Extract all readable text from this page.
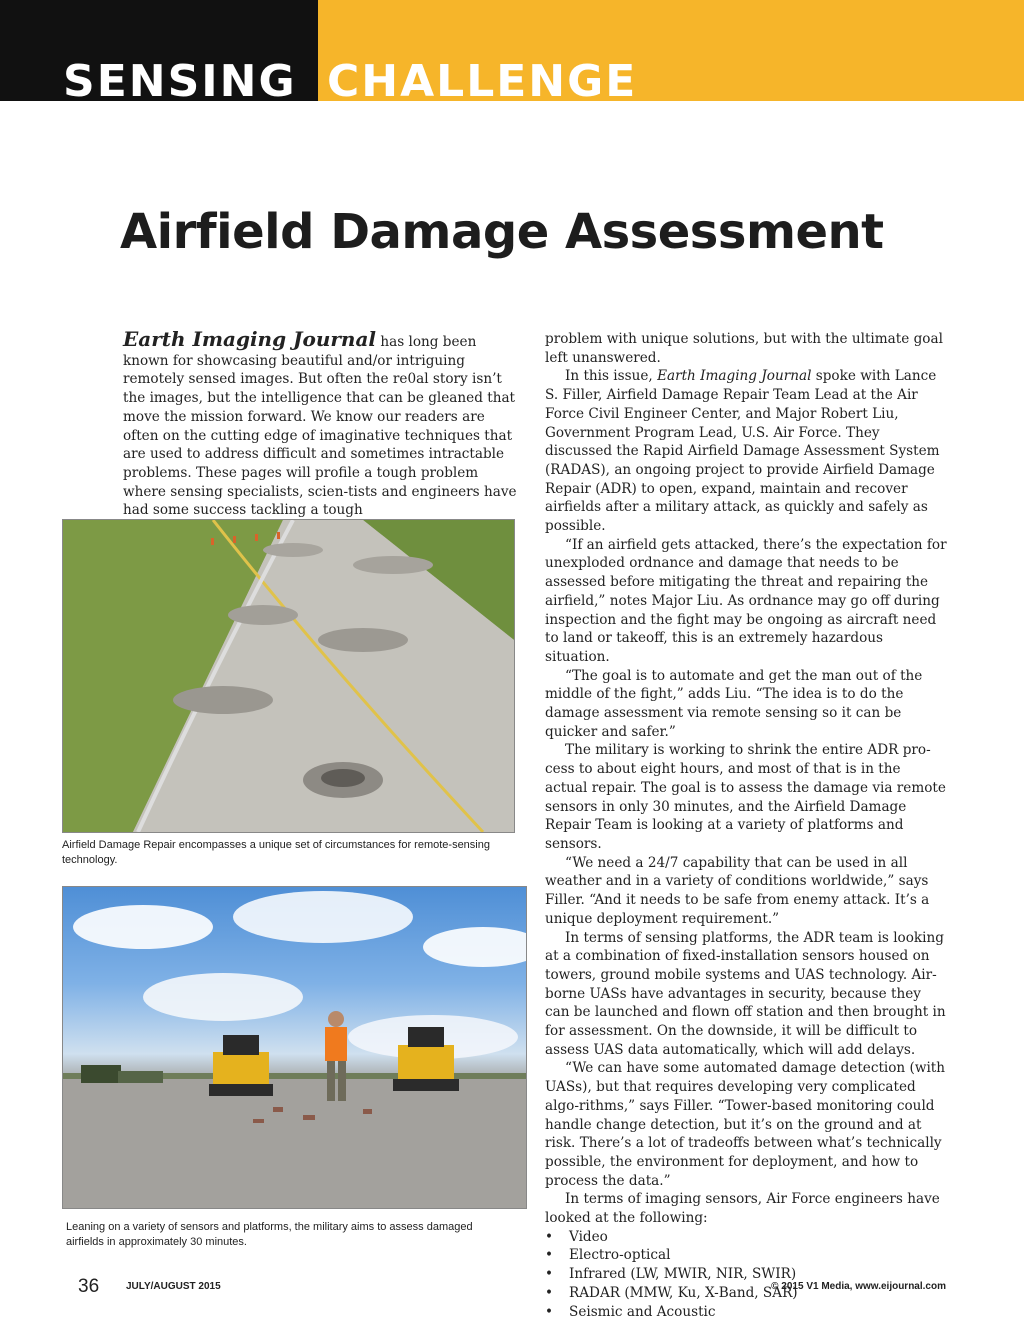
SENSING CHALLENGE
Airfield Damage Assessment

Earth Imaging Journal has long been known for showcasing beautiful and/or intriguing remotely sensed images. But often the re0al story isn’t the images, but the intelligence that can be gleaned that move the mission forward. We know our readers are often on the cutting edge of imaginative techniques that are used to address difficult and sometimes intractable problems. These pages will profile a tough problem where sensing specialists, scien-tists and engineers have had some success tackling a tough

Airfield Damage Repair encompasses a unique set of circumstances for remote-sensing technology.

Leaning on a variety of sensors and platforms, the military aims to assess damaged airfields in approximately 30 minutes.

problem with unique solutions, but with the ultimate goal left unanswered.

In this issue, Earth Imaging Journal spoke with Lance S. Filler, Airfield Damage Repair Team Lead at the Air Force Civil Engineer Center, and Major Robert Liu, Government Program Lead, U.S. Air Force. They discussed the Rapid Airfield Damage Assessment System (RADAS), an ongoing project to provide Airfield Damage Repair (ADR) to open, expand, maintain and recover airfields after a military attack, as quickly and safely as possible.

“If an airfield gets attacked, there’s the expectation for unexploded ordnance and damage that needs to be assessed before mitigating the threat and repairing the airfield,” notes Major Liu. As ordnance may go off during inspection and the fight may be ongoing as aircraft need to land or takeoff, this is an extremely hazardous situation.

“The goal is to automate and get the man out of the middle of the fight,” adds Liu. “The idea is to do the damage assessment via remote sensing so it can be quicker and safer.”

The military is working to shrink the entire ADR pro-cess to about eight hours, and most of that is in the actual repair. The goal is to assess the damage via remote sensors in only 30 minutes, and the Airfield Damage Repair Team is looking at a variety of platforms and sensors.

“We need a 24/7 capability that can be used in all weather and in a variety of conditions worldwide,” says Filler. “And it needs to be safe from enemy attack. It’s a unique deployment requirement.”

In terms of sensing platforms, the ADR team is looking at a combination of fixed-installation sensors housed on towers, ground mobile systems and UAS technology. Air-borne UASs have advantages in security, because they can be launched and flown off station and then brought in for assessment. On the downside, it will be difficult to assess UAS data automatically, which will add delays.

“We can have some automated damage detection (with UASs), but that requires developing very complicated algo-rithms,” says Filler. “Tower-based monitoring could handle change detection, but it’s on the ground and at risk. There’s a lot of tradeoffs between what’s technically possible, the environment for deployment, and how to process the data.”

In terms of imaging sensors, Air Force engineers have looked at the following:

• Video
• Electro-optical
• Infrared (LW, MWIR, NIR, SWIR)
• RADAR (MMW, Ku, X-Band, SAR)
• Seismic and Acoustic
36	JULY/AUGUST 2015	© 2015 V1 Media, www.eijournal.com
